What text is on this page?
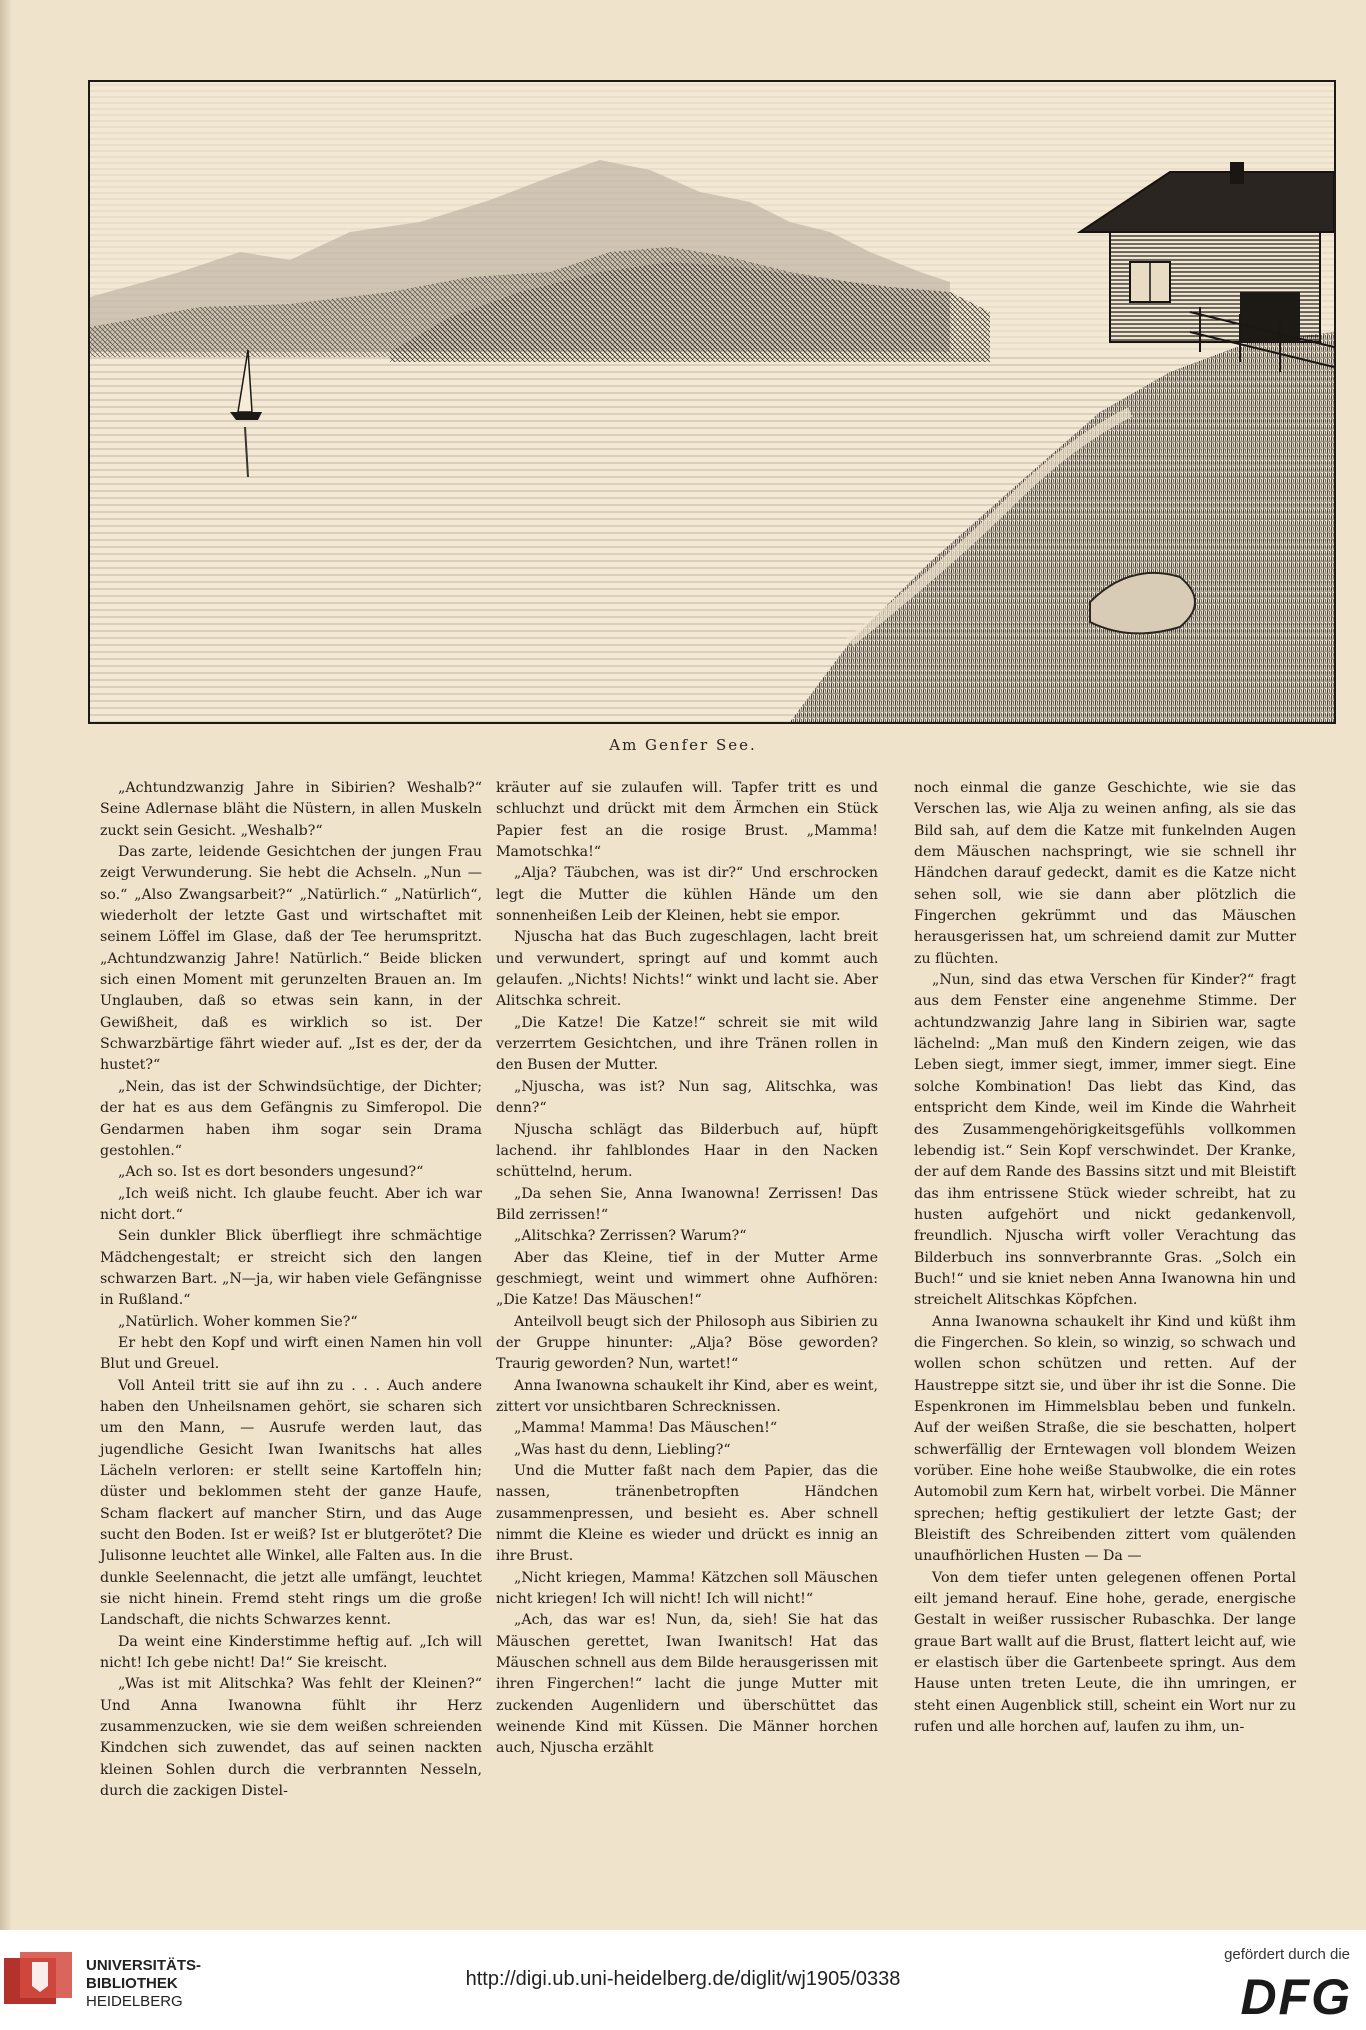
Am Genfer See.

„Achtundzwanzig Jahre in Sibirien? Weshalb?“ Seine Adlernase bläht die Nüstern, in allen Muskeln zuckt sein Gesicht. „Weshalb?“

Das zarte, leidende Gesichtchen der jungen Frau zeigt Verwunderung. Sie hebt die Achseln. „Nun — so.“ „Also Zwangsarbeit?“ „Natürlich.“ „Natürlich“, wiederholt der letzte Gast und wirtschaftet mit seinem Löffel im Glase, daß der Tee herumspritzt. „Achtundzwanzig Jahre! Natürlich.“ Beide blicken sich einen Moment mit gerunzelten Brauen an. Im Unglauben, daß so etwas sein kann, in der Gewißheit, daß es wirklich so ist. Der Schwarzbärtige fährt wieder auf. „Ist es der, der da hustet?“

„Nein, das ist der Schwindsüchtige, der Dichter; der hat es aus dem Gefängnis zu Simferopol. Die Gendarmen haben ihm sogar sein Drama gestohlen.“

„Ach so. Ist es dort besonders ungesund?“

„Ich weiß nicht. Ich glaube feucht. Aber ich war nicht dort.“

Sein dunkler Blick überfliegt ihre schmächtige Mädchengestalt; er streicht sich den langen schwarzen Bart. „N—ja, wir haben viele Gefängnisse in Rußland.“

„Natürlich. Woher kommen Sie?“

Er hebt den Kopf und wirft einen Namen hin voll Blut und Greuel.

Voll Anteil tritt sie auf ihn zu . . . Auch andere haben den Unheilsnamen gehört, sie scharen sich um den Mann, — Ausrufe werden laut, das jugendliche Gesicht Iwan Iwanitschs hat alles Lächeln verloren: er stellt seine Kartoffeln hin; düster und beklommen steht der ganze Haufe, Scham flackert auf mancher Stirn, und das Auge sucht den Boden. Ist er weiß? Ist er blutgerötet? Die Julisonne leuchtet alle Winkel, alle Falten aus. In die dunkle Seelennacht, die jetzt alle umfängt, leuchtet sie nicht hinein. Fremd steht rings um die große Landschaft, die nichts Schwarzes kennt.

Da weint eine Kinderstimme heftig auf. „Ich will nicht! Ich gebe nicht! Da!“ Sie kreischt.

„Was ist mit Alitschka? Was fehlt der Kleinen?“ Und Anna Iwanowna fühlt ihr Herz zusammenzucken, wie sie dem weißen schreienden Kindchen sich zuwendet, das auf seinen nackten kleinen Sohlen durch die verbrannten Nesseln, durch die zackigen Distel-

kräuter auf sie zulaufen will. Tapfer tritt es und schluchzt und drückt mit dem Ärmchen ein Stück Papier fest an die rosige Brust. „Mamma! Mamotschka!“

„Alja? Täubchen, was ist dir?“ Und erschrocken legt die Mutter die kühlen Hände um den sonnenheißen Leib der Kleinen, hebt sie empor.

Njuscha hat das Buch zugeschlagen, lacht breit und verwundert, springt auf und kommt auch gelaufen. „Nichts! Nichts!“ winkt und lacht sie. Aber Alitschka schreit.

„Die Katze! Die Katze!“ schreit sie mit wild verzerrtem Gesichtchen, und ihre Tränen rollen in den Busen der Mutter.

„Njuscha, was ist? Nun sag, Alitschka, was denn?“

Njuscha schlägt das Bilderbuch auf, hüpft lachend. ihr fahlblondes Haar in den Nacken schüttelnd, herum.

„Da sehen Sie, Anna Iwanowna! Zerrissen! Das Bild zerrissen!“

„Alitschka? Zerrissen? Warum?“

Aber das Kleine, tief in der Mutter Arme geschmiegt, weint und wimmert ohne Aufhören: „Die Katze! Das Mäuschen!“

Anteilvoll beugt sich der Philosoph aus Sibirien zu der Gruppe hinunter: „Alja? Böse geworden? Traurig geworden? Nun, wartet!“

Anna Iwanowna schaukelt ihr Kind, aber es weint, zittert vor unsichtbaren Schrecknissen.

„Mamma! Mamma! Das Mäuschen!“

„Was hast du denn, Liebling?“

Und die Mutter faßt nach dem Papier, das die nassen, tränenbetropften Händchen zusammenpressen, und besieht es. Aber schnell nimmt die Kleine es wieder und drückt es innig an ihre Brust.

„Nicht kriegen, Mamma! Kätzchen soll Mäuschen nicht kriegen! Ich will nicht! Ich will nicht!“

„Ach, das war es! Nun, da, sieh! Sie hat das Mäuschen gerettet, Iwan Iwanitsch! Hat das Mäuschen schnell aus dem Bilde herausgerissen mit ihren Fingerchen!“ lacht die junge Mutter mit zuckenden Augenlidern und überschüttet das weinende Kind mit Küssen. Die Männer horchen auch, Njuscha erzählt

noch einmal die ganze Geschichte, wie sie das Verschen las, wie Alja zu weinen anfing, als sie das Bild sah, auf dem die Katze mit funkelnden Augen dem Mäuschen nachspringt, wie sie schnell ihr Händchen darauf gedeckt, damit es die Katze nicht sehen soll, wie sie dann aber plötzlich die Fingerchen gekrümmt und das Mäuschen herausgerissen hat, um schreiend damit zur Mutter zu flüchten.

„Nun, sind das etwa Verschen für Kinder?“ fragt aus dem Fenster eine angenehme Stimme. Der achtundzwanzig Jahre lang in Sibirien war, sagte lächelnd: „Man muß den Kindern zeigen, wie das Leben siegt, immer siegt, immer, immer siegt. Eine solche Kombination! Das liebt das Kind, das entspricht dem Kinde, weil im Kinde die Wahrheit des Zusammengehörigkeitsgefühls vollkommen lebendig ist.“ Sein Kopf verschwindet. Der Kranke, der auf dem Rande des Bassins sitzt und mit Bleistift das ihm entrissene Stück wieder schreibt, hat zu husten aufgehört und nickt gedankenvoll, freundlich. Njuscha wirft voller Verachtung das Bilderbuch ins sonnverbrannte Gras. „Solch ein Buch!“ und sie kniet neben Anna Iwanowna hin und streichelt Alitschkas Köpfchen.

Anna Iwanowna schaukelt ihr Kind und küßt ihm die Fingerchen. So klein, so winzig, so schwach und wollen schon schützen und retten. Auf der Haustreppe sitzt sie, und über ihr ist die Sonne. Die Espenkronen im Himmelsblau beben und funkeln. Auf der weißen Straße, die sie beschatten, holpert schwerfällig der Erntewagen voll blondem Weizen vorüber. Eine hohe weiße Staubwolke, die ein rotes Automobil zum Kern hat, wirbelt vorbei. Die Männer sprechen; heftig gestikuliert der letzte Gast; der Bleistift des Schreibenden zittert vom quälenden unaufhörlichen Husten — Da —

Von dem tiefer unten gelegenen offenen Portal eilt jemand herauf. Eine hohe, gerade, energische Gestalt in weißer russischer Rubaschka. Der lange graue Bart wallt auf die Brust, flattert leicht auf, wie er elastisch über die Gartenbeete springt. Aus dem Hause unten treten Leute, die ihn umringen, er steht einen Augenblick still, scheint ein Wort nur zu rufen und alle horchen auf, laufen zu ihm, un-

UNIVERSITÄTS-
BIBLIOTHEK
HEIDELBERG
http://digi.ub.uni-heidelberg.de/diglit/wj1905/0338
gefördert durch die
DFG
